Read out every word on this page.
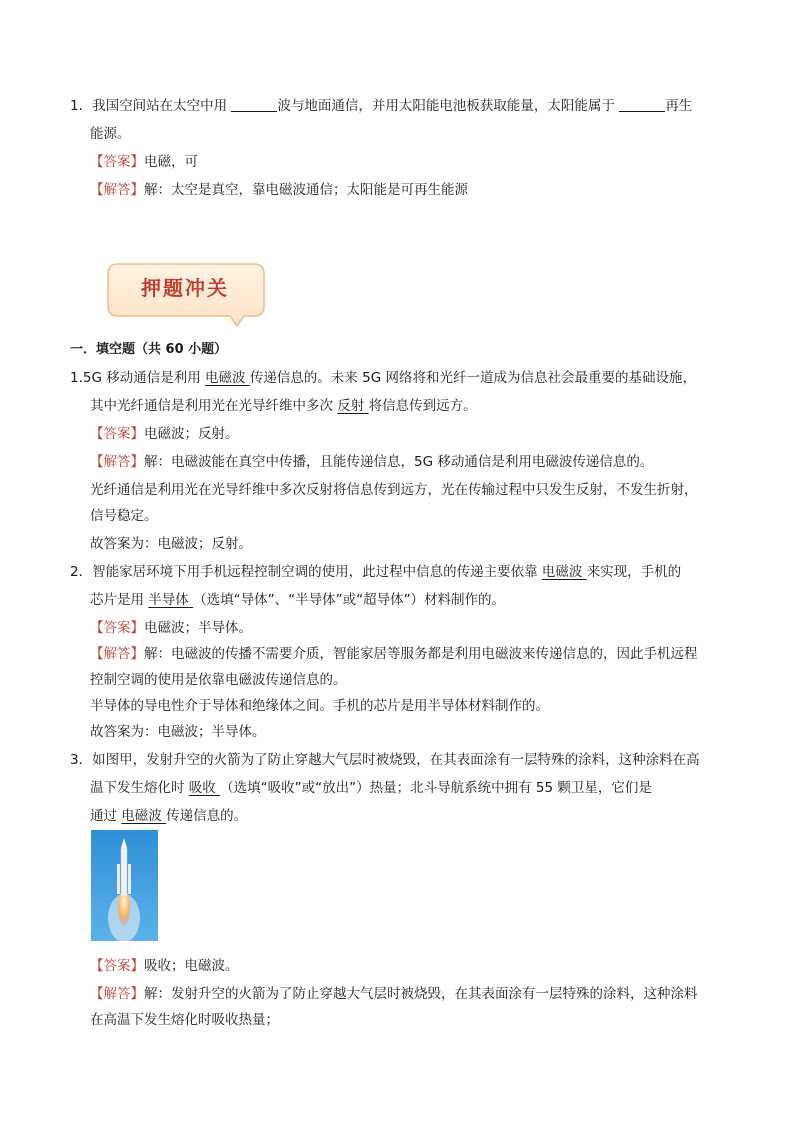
1．我国空间站在太空中用	波与地面通信，并用太阳能电池板获取能量，太阳能属于	再生
能源。
【答案】电磁，可
【解答】解：太空是真空，靠电磁波通信；太阳能是可再生能源
押题冲关
一．填空题（共 60 小题）
1.5G 移动通信是利用 电磁波 传递信息的。未来 5G 网络将和光纤一道成为信息社会最重要的基础设施，
其中光纤通信是利用光在光导纤维中多次 反射 将信息传到远方。
【答案】电磁波；反射。
【解答】解：电磁波能在真空中传播，且能传递信息，5G 移动通信是利用电磁波传递信息的。
光纤通信是利用光在光导纤维中多次反射将信息传到远方，光在传输过程中只发生反射，不发生折射，
信号稳定。
故答案为：电磁波；反射。
2．智能家居环境下用手机远程控制空调的使用，此过程中信息的传递主要依靠 电磁波 来实现，手机的
芯片是用 半导体 （选填“导体”、“半导体”或“超导体”）材料制作的。
【答案】电磁波；半导体。
【解答】解：电磁波的传播不需要介质，智能家居等服务都是利用电磁波来传递信息的，因此手机远程
控制空调的使用是依靠电磁波传递信息的。
半导体的导电性介于导体和绝缘体之间。手机的芯片是用半导体材料制作的。
故答案为：电磁波；半导体。
3．如图甲，发射升空的火箭为了防止穿越大气层时被烧毁，在其表面涂有一层特殊的涂料，这种涂料在高
温下发生熔化时 吸收 （选填“吸收”或“放出”）热量；北斗导航系统中拥有 55 颗卫星，它们是
通过 电磁波 传递信息的。
【答案】吸收；电磁波。
【解答】解：发射升空的火箭为了防止穿越大气层时被烧毁，在其表面涂有一层特殊的涂料，这种涂料
在高温下发生熔化时吸收热量；
